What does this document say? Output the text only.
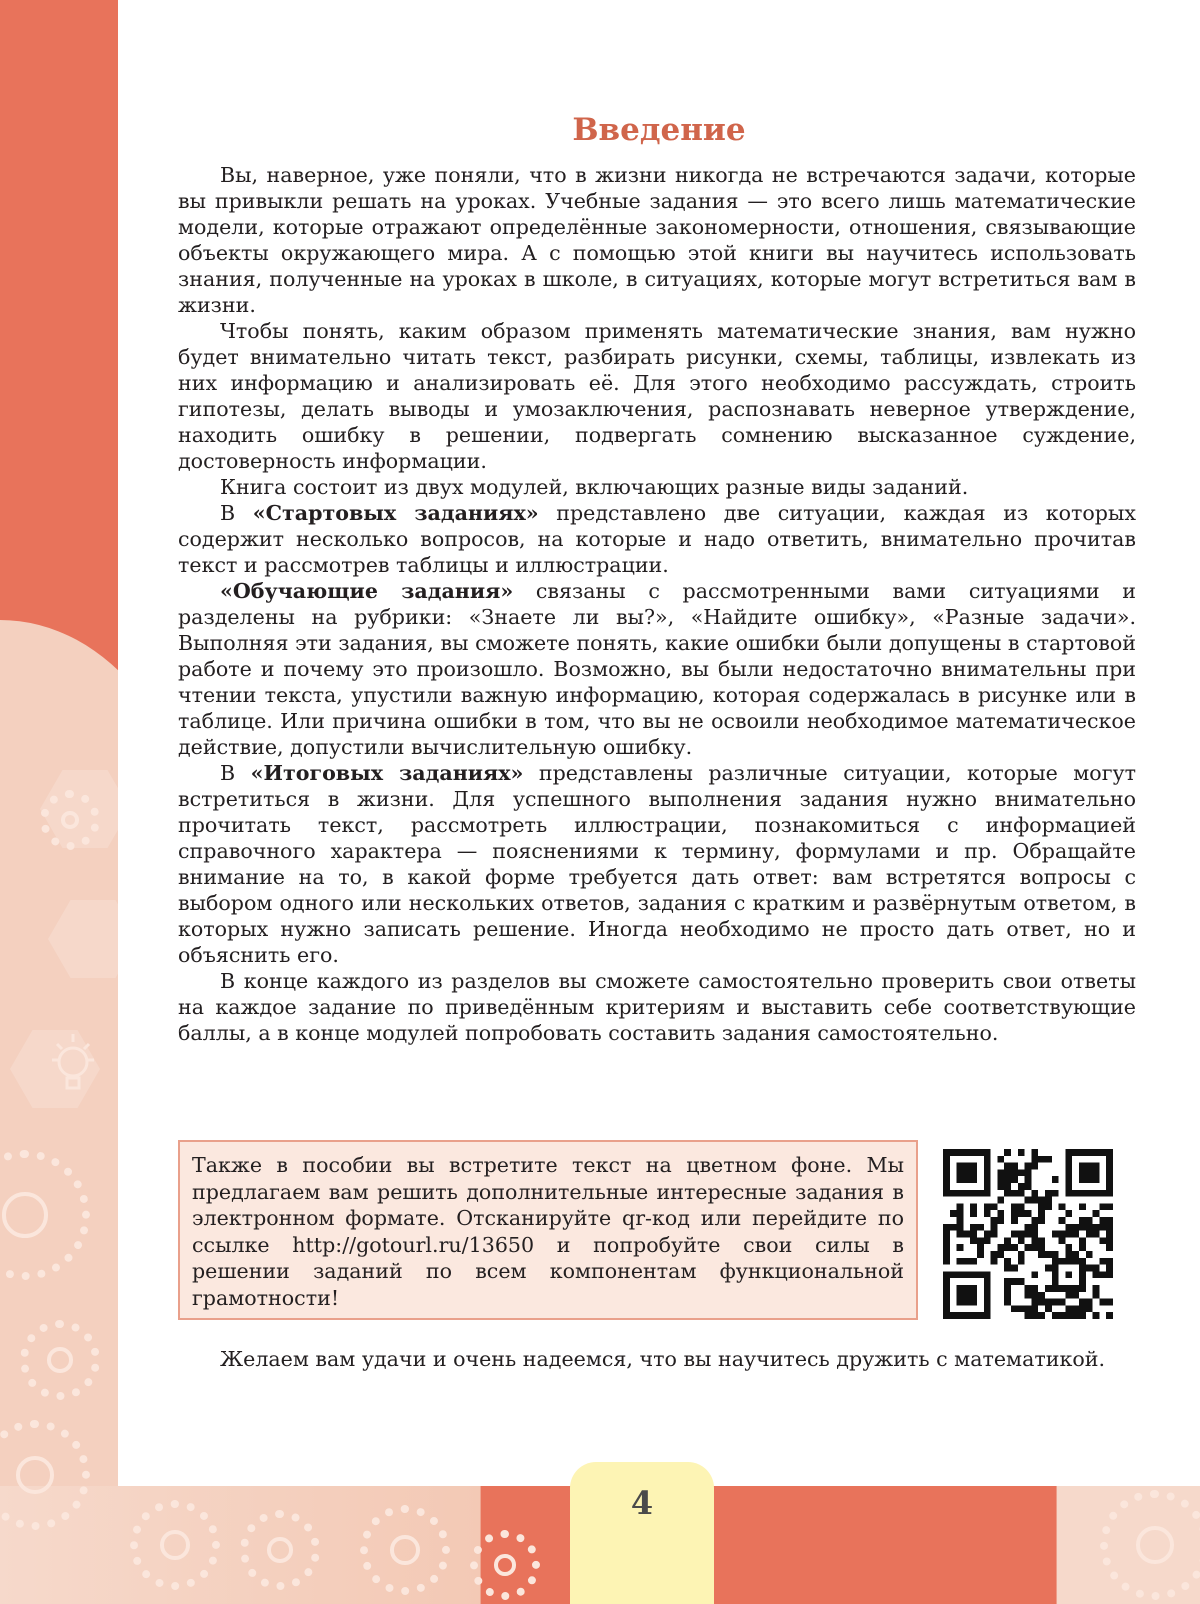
Введение

Вы, наверное, уже поняли, что в жизни никогда не встречаются задачи, которые вы привыкли решать на уроках. Учебные задания — это всего лишь математические модели, которые отражают определённые закономерности, отношения, связывающие объекты окружающего мира. А с помощью этой книги вы научитесь использовать знания, полученные на уроках в школе, в ситуациях, которые могут встретиться вам в жизни.

Чтобы понять, каким образом применять математические знания, вам нужно будет внимательно читать текст, разбирать рисунки, схемы, таблицы, извлекать из них информацию и анализировать её. Для этого необходимо рассуждать, строить гипотезы, делать выводы и умозаключения, распознавать неверное утверждение, находить ошибку в решении, подвергать сомнению высказанное суждение, достоверность информации.

Книга состоит из двух модулей, включающих разные виды заданий.

В «Стартовых заданиях» представлено две ситуации, каждая из которых содержит несколько вопросов, на которые и надо ответить, внимательно прочитав текст и рассмотрев таблицы и иллюстрации.

«Обучающие задания» связаны с рассмотренными вами ситуациями и разделены на рубрики: «Знаете ли вы?», «Найдите ошибку», «Разные задачи». Выполняя эти задания, вы сможете понять, какие ошибки были допущены в стартовой работе и почему это произошло. Возможно, вы были недостаточно внимательны при чтении текста, упустили важную информацию, которая содержалась в рисунке или в таблице. Или причина ошибки в том, что вы не освоили необходимое математическое действие, допустили вычислительную ошибку.

В «Итоговых заданиях» представлены различные ситуации, которые могут встретиться в жизни. Для успешного выполнения задания нужно внимательно прочитать текст, рассмотреть иллюстрации, познакомиться с информацией справочного характера — пояснениями к термину, формулами и пр. Обращайте внимание на то, в какой форме требуется дать ответ: вам встретятся вопросы с выбором одного или нескольких ответов, задания с кратким и развёрнутым ответом, в которых нужно записать решение. Иногда необходимо не просто дать ответ, но и объяснить его.

В конце каждого из разделов вы сможете самостоятельно проверить свои ответы на каждое задание по приведённым критериям и выставить себе соответствующие баллы, а в конце модулей попробовать составить задания самостоятельно.

Также в пособии вы встретите текст на цветном фоне. Мы предлагаем вам решить дополнительные интересные задания в электронном формате. Отсканируйте qr-код или перейдите по ссылке http://gotourl.ru/13650 и попробуйте свои силы в решении заданий по всем компонентам функциональной грамотности!

Желаем вам удачи и очень надеемся, что вы научитесь дружить с математикой.

4
